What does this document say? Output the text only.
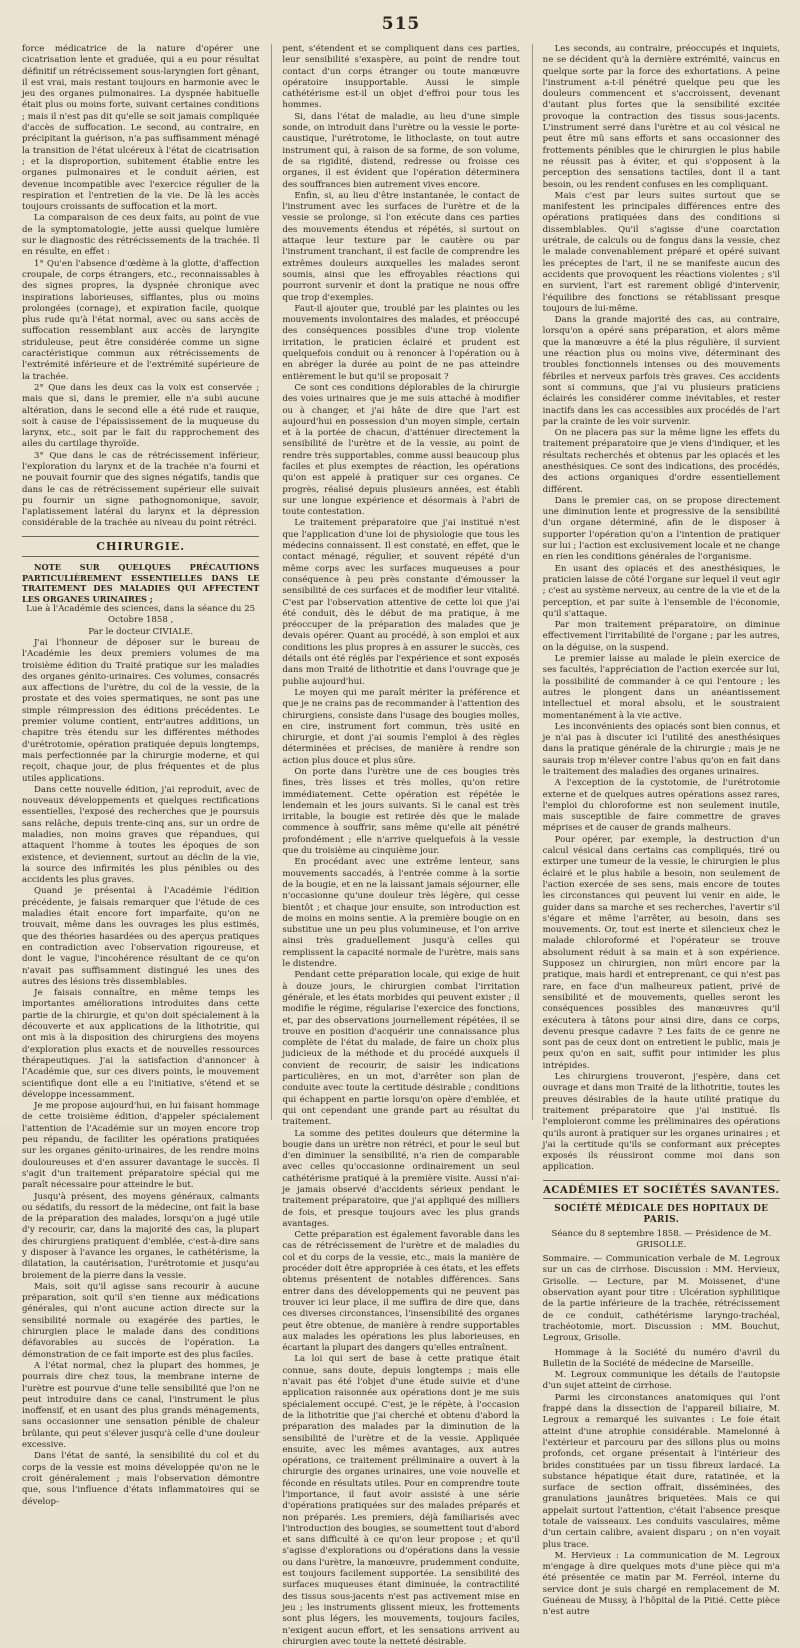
515

force médicatrice de la nature d'opérer une cicatrisation lente et graduée, qui a eu pour résultat définitif un rétrécissement sous-laryngien fort gênant, il est vrai, mais restant toujours en harmonie avec le jeu des organes pulmonaires. La dyspnée habituelle était plus ou moins forte, suivant certaines conditions ; mais il n'est pas dit qu'elle se soit jamais compliquée d'accès de suffocation. Le second, au contraire, en précipitant la guérison, n'a pas suffisamment ménagé la transition de l'état ulcéreux à l'état de cicatrisation ; et la disproportion, subitement établie entre les organes pulmonaires et le conduit aérien, est devenue incompatible avec l'exercice régulier de la respiration et l'entretien de la vie. De là les accès toujours croissants de suffocation et la mort.

La comparaison de ces deux faits, au point de vue de la symptomatologie, jette aussi quelque lumière sur le diagnostic des rétrécissements de la trachée. Il en résulte, en effet :

1° Qu'en l'absence d'œdème à la glotte, d'affection croupale, de corps étrangers, etc., reconnaissables à des signes propres, la dyspnée chronique avec inspirations laborieuses, sifflantes, plus ou moins prolongées (cornage), et expiration facile, quoique plus rude qu'à l'état normal, avec ou sans accès de suffocation ressemblant aux accès de laryngite striduleuse, peut être considérée comme un signe caractéristique commun aux rétrécissements de l'extrémité inférieure et de l'extrémité supérieure de la trachée.

2° Que dans les deux cas la voix est conservée ; mais que si, dans le premier, elle n'a subi aucune altération, dans le second elle a été rude et rauque, soit à cause de l'épaississement de la muqueuse du larynx, etc., soit par le fait du rapprochement des ailes du cartilage thyroïde.

3° Que dans le cas de rétrécissement inférieur, l'exploration du larynx et de la trachée n'a fourni et ne pouvait fournir que des signes négatifs, tandis que dans le cas de rétrécissement supérieur elle suivait pu fournir un signe pathognomonique, savoir, l'aplatissement latéral du larynx et la dépression considérable de la trachée au niveau du point rétréci.

CHIRURGIE.

NOTE SUR QUELQUES PRÉCAUTIONS PARTICULIÈREMENT ESSENTIELLES DANS LE TRAITEMENT DES MALADIES QUI AFFECTENT LES ORGANES URINAIRES ;

Lue à l'Académie des sciences, dans la séance du 25 Octobre 1858 ,

Par le docteur CIVIALE.

J'ai l'honneur de déposer sur le bureau de l'Académie les deux premiers volumes de ma troisième édition du Traité pratique sur les maladies des organes génito-urinaires. Ces volumes, consacrés aux affections de l'urètre, du col de la vessie, de la prostate et des voies spermatiques, ne sont pas une simple réimpression des éditions précédentes. Le premier volume contient, entr'autres additions, un chapitre très étendu sur les différentes méthodes d'urétrotomie, opération pratiquée depuis longtemps, mais perfectionnée par la chirurgie moderne, et qui reçoit, chaque jour, de plus fréquentes et de plus utiles applications.

Dans cette nouvelle édition, j'ai reproduit, avec de nouveaux développements et quelques rectifications essentielles, l'exposé des recherches que je poursuis sans relâche, depuis trente-cinq ans, sur un ordre de maladies, non moins graves que répandues, qui attaquent l'homme à toutes les époques de son existence, et deviennent, surtout au déclin de la vie, la source des infirmités les plus pénibles ou des accidents les plus graves.

Quand je présentai à l'Académie l'édition précédente, je faisais remarquer que l'étude de ces maladies était encore fort imparfaite, qu'on ne trouvait, même dans les ouvrages les plus estimés, que des théories hasardées ou des aperçus pratiques en contradiction avec l'observation rigoureuse, et dont le vague, l'incohérence résultant de ce qu'on n'avait pas suffisamment distingué les unes des autres des lésions très dissemblables.

Je faisais connaître, en même temps les importantes améliorations introduites dans cette partie de la chirurgie, et qu'on doit spécialement à la découverte et aux applications de la lithotritie, qui ont mis à la disposition des chirurgiens des moyens d'exploration plus exacts et de nouvelles ressources thérapeutiques. J'ai la satisfaction d'annoncer à l'Académie que, sur ces divers points, le mouvement scientifique dont elle a eu l'initiative, s'étend et se développe incessamment.

Je me propose aujourd'hui, en lui faisant hommage de cette troisième édition, d'appeler spécialement l'attention de l'Académie sur un moyen encore trop peu répandu, de faciliter les opérations pratiquées sur les organes génito-urinaires, de les rendre moins douloureuses et d'en assurer davantage le succès. Il s'agit d'un traitement préparatoire spécial qui me paraît nécessaire pour atteindre le but.

Jusqu'à présent, des moyens généraux, calmants ou sédatifs, du ressort de la médecine, ont fait la base de la préparation des malades, lorsqu'on a jugé utile d'y recourir, car, dans la majorité des cas, la plupart des chirurgiens pratiquent d'emblée, c'est-à-dire sans y disposer à l'avance les organes, le cathétérisme, la dilatation, la cautérisation, l'urétrotomie et jusqu'au broiement de la pierre dans la vessie.

Mais, soit qu'il agisse sans recourir à aucune préparation, soit qu'il s'en tienne aux médications générales, qui n'ont aucune action directe sur la sensibilité normale ou exagérée des parties, le chirurgien place le malade dans des conditions défavorables au succès de l'opération. La démonstration de ce fait importe est des plus faciles.

A l'état normal, chez la plupart des hommes, je pourrais dire chez tous, la membrane interne de l'urètre est pourvue d'une telle sensibilité que l'on ne peut introduire dans ce canal, l'instrument le plus inoffensif, et en usant des plus grands ménagements, sans occasionner une sensation pénible de chaleur brûlante, qui peut s'élever jusqu'à celle d'une douleur excessive.

Dans l'état de santé, la sensibilité du col et du corps de la vessie est moins développée qu'on ne le croit généralement ; mais l'observation démontre que, sous l'influence d'états inflammatoires qui se dévelop-

pent, s'étendent et se compliquent dans ces parties, leur sensibilité s'exaspère, au point de rendre tout contact d'un corps étranger ou toute manœuvre opératoire insupportable. Aussi le simple cathétérisme est-il un objet d'effroi pour tous les hommes.

Si, dans l'état de maladie, au lieu d'une simple sonde, on introduit dans l'urètre ou la vessie le porte-caustique, l'urétrotome, le lithoclaste, on tout autre instrument qui, à raison de sa forme, de son volume, de sa rigidité, distend, redresse ou froisse ces organes, il est évident que l'opération déterminera des souffrances bien autrement vives encore.

Enfin, si, au lieu d'être instantanée, le contact de l'instrument avec les surfaces de l'urètre et de la vessie se prolonge, si l'on exécute dans ces parties des mouvements étendus et répétés, si surtout on attaque leur texture par le cautère ou par l'instrument tranchant, il est facile de comprendre les extrêmes douleurs auxquelles les malades seront soumis, ainsi que les effroyables réactions qui pourront survenir et dont la pratique ne nous offre que trop d'exemples.

Faut-il ajouter que, troublé par les plaintes ou les mouvements involontaires des malades, et préoccupé des conséquences possibles d'une trop violente irritation, le praticien éclairé et prudent est quelquefois conduit ou à renoncer à l'opération ou à en abréger la durée au point de ne pas atteindre entièrement le but qu'il se proposait ?

Ce sont ces conditions déplorables de la chirurgie des voies urinaires que je me suis attaché à modifier ou à changer, et j'ai hâte de dire que l'art est aujourd'hui en possession d'un moyen simple, certain et à la portée de chacun, d'atténuer directement la sensibilité de l'urètre et de la vessie, au point de rendre très supportables, comme aussi beaucoup plus faciles et plus exemptes de réaction, les opérations qu'on est appelé à pratiquer sur ces organes. Ce progrès, réalisé depuis plusieurs années, est établi sur une longue expérience et désormais à l'abri de toute contestation.

Le traitement préparatoire que j'ai institué n'est que l'application d'une loi de physiologie que tous les médecins connaissent. Il est constaté, en effet, que le contact ménagé, régulier, et souvent répété d'un même corps avec les surfaces muqueuses a pour conséquence à peu près constante d'émousser la sensibilité de ces surfaces et de modifier leur vitalité. C'est par l'observation attentive de cette loi que j'ai été conduit, dès le début de ma pratique, à me préoccuper de la préparation des malades que je devais opérer. Quant au procédé, à son emploi et aux conditions les plus propres à en assurer le succès, ces détails ont été réglés par l'expérience et sont exposés dans mon Traité de lithotritie et dans l'ouvrage que je publie aujourd'hui.

Le moyen qui me paraît mériter la préférence et que je ne crains pas de recommander à l'attention des chirurgiens, consiste dans l'usage des bougies molles, en cire, instrument fort commun, très usité en chirurgie, et dont j'ai soumis l'emploi à des règles déterminées et précises, de manière à rendre son action plus douce et plus sûre.

On porte dans l'urètre une de ces bougies très fines, très lisses et très molles, qu'on retire immédiatement. Cette opération est répétée le lendemain et les jours suivants. Si le canal est très irritable, la bougie est retirée dès que le malade commence à souffrir, sans même qu'elle ait pénétré profondément ; elle n'arrive quelquefois à la vessie que du troisième au cinquième jour.

En procédant avec une extrême lenteur, sans mouvements saccadés, à l'entrée comme à la sortie de la bougie, et en ne la laissant jamais séjourner, elle n'occasionne qu'une douleur très légère, qui cesse bientôt ; et chaque jour ensuite, son introduction est de moins en moins sentie. A la première bougie on en substitue une un peu plus volumineuse, et l'on arrive ainsi très graduellement jusqu'à celles qui remplissent la capacité normale de l'urètre, mais sans le distendre.

Pendant cette préparation locale, qui exige de huit à douze jours, le chirurgien combat l'irritation générale, et les états morbides qui peuvent exister ; il modifie le régime, régularise l'exercice des fonctions, et, par des observations journellement répétées, il se trouve en position d'acquérir une connaissance plus complète de l'état du malade, de faire un choix plus judicieux de la méthode et du procédé auxquels il convient de recourir, de saisir les indications particulières, en un mot, d'arrêter son plan de conduite avec toute la certitude désirable ; conditions qui échappent en partie lorsqu'on opère d'emblée, et qui ont cependant une grande part au résultat du traitement.

La somme des petites douleurs que détermine la bougie dans un urètre non rétréci, et pour le seul but d'en diminuer la sensibilité, n'a rien de comparable avec celles qu'occasionne ordinairement un seul cathétérisme pratiqué à la première visite. Aussi n'ai-je jamais observé d'accidents sérieux pendant le traitement préparatoire, que j'ai appliqué des milliers de fois, et presque toujours avec les plus grands avantages.

Cette préparation est également favorable dans les cas de rétrécissement de l'urètre et de maladies du col et du corps de la vessie, etc., mais la manière de procéder doit être appropriée à ces états, et les effets obtenus présentent de notables différences. Sans entrer dans des développements qui ne peuvent pas trouver ici leur place, il me suffira de dire que, dans ces diverses circonstances, l'insensibilité des organes peut être obtenue, de manière à rendre supportables aux malades les opérations les plus laborieuses, en écartant la plupart des dangers qu'elles entraînent.

La loi qui sert de base à cette pratique était connue, sans doute, depuis longtemps ; mais elle n'avait pas été l'objet d'une étude suivie et d'une application raisonnée aux opérations dont je me suis spécialement occupé. C'est, je le répète, à l'occasion de la lithotritie que j'ai cherché et obtenu d'abord la préparation des malades par la diminution de la sensibilité de l'urètre et de la vessie. Appliquée ensuite, avec les mêmes avantages, aux autres opérations, ce traitement préliminaire a ouvert à la chirurgie des organes urinaires, une voie nouvelle et féconde en résultats utiles. Pour en comprendre toute l'importance, il faut avoir assisté à une série d'opérations pratiquées sur des malades préparés et non préparés. Les premiers, déjà familiarisés avec l'introduction des bougies, se soumettent tout d'abord et sans difficulté à ce qu'on leur propose ; et qu'il s'agisse d'explorations ou d'opérations dans la vessie ou dans l'urètre, la manœuvre, prudemment conduite, est toujours facilement supportée. La sensibilité des surfaces muqueuses étant diminuée, la contractilité des tissus sous-jacents n'est pas activement mise en jeu ; les instruments glissent mieux, les frottements sont plus légers, les mouvements, toujours faciles, n'exigent aucun effort, et les sensations arrivent au chirurgien avec toute la netteté désirable.

Les seconds, au contraire, préoccupés et inquiets, ne se décident qu'à la dernière extrémité, vaincus en quelque sorte par la force des exhortations. A peine l'instrument a-t-il pénétré quelque peu que les douleurs commencent et s'accroissent, devenant d'autant plus fortes que la sensibilité excitée provoque la contraction des tissus sous-jacents. L'instrument serré dans l'urètre et au col vésical ne peut être mû sans efforts et sans occasionner des frottements pénibles que le chirurgien le plus habile ne réussit pas à éviter, et qui s'opposent à la perception des sensations tactiles, dont il a tant besoin, ou les rendent confuses en les compliquant.

Mais c'est par leurs suites surtout que se manifestent les principales différences entre des opérations pratiquées dans des conditions si dissemblables. Qu'il s'agisse d'une coarctation urétrale, de calculs ou de fongus dans la vessie, chez le malade convenablement préparé et opéré suivant les préceptes de l'art, il ne se manifeste aucun des accidents que provoquent les réactions violentes ; s'il en survient, l'art est rarement obligé d'intervenir, l'équilibre des fonctions se rétablissant presque toujours de lui-même.

Dans la grande majorité des cas, au contraire, lorsqu'on a opéré sans préparation, et alors même que la manœuvre a été la plus régulière, il survient une réaction plus ou moins vive, déterminant des troubles fonctionnels intenses ou des mouvements fébriles et nerveux parfois très graves. Ces accidents sont si communs, que j'ai vu plusieurs praticiens éclairés les considérer comme inévitables, et rester inactifs dans les cas accessibles aux procédés de l'art par la crainte de les voir survenir.

On ne placera pas sur la même ligne les effets du traitement préparatoire que je viens d'indiquer, et les résultats recherchés et obtenus par les opiacés et les anesthésiques. Ce sont des indications, des procédés, des actions organiques d'ordre essentiellement différent.

Dans le premier cas, on se propose directement une diminution lente et progressive de la sensibilité d'un organe déterminé, afin de le disposer à supporter l'opération qu'on a l'intention de pratiquer sur lui ; l'action est exclusivement locale et ne change en rien les conditions générales de l'organisme.

En usant des opiacés et des anesthésiques, le praticien laisse de côté l'organe sur lequel il veut agir ; c'est au système nerveux, au centre de la vie et de la perception, et par suite à l'ensemble de l'économie, qu'il s'attaque.

Par mon traitement préparatoire, on diminue effectivement l'irritabilité de l'organe ; par les autres, on la déguise, on la suspend.

Le premier laisse au malade le plein exercice de ses facultés, l'appréciation de l'action exercée sur lui, la possibilité de commander à ce qui l'entoure ; les autres le plongent dans un anéantissement intellectuel et moral absolu, et le soustraient momentanément à la vie active.

Les inconvénients des opiacés sont bien connus, et je n'ai pas à discuter ici l'utilité des anesthésiques dans la pratique générale de la chirurgie ; mais je ne saurais trop m'élever contre l'abus qu'on en fait dans le traitement des maladies des organes urinaires.

A l'exception de la cystotomie, de l'urétrotomie externe et de quelques autres opérations assez rares, l'emploi du chloroforme est non seulement inutile, mais susceptible de faire commettre de graves méprises et de causer de grands malheurs.

Pour opérer, par exemple, la destruction d'un calcul vésical dans certains cas compliqués, tiré ou extirper une tumeur de la vessie, le chirurgien le plus éclairé et le plus habile a besoin, non seulement de l'action exercée de ses sens, mais encore de toutes les circonstances qui peuvent lui venir en aide, le guider dans sa marche et ses recherches, l'avertir s'il s'égare et même l'arrêter, au besoin, dans ses mouvements. Or, tout est inerte et silencieux chez le malade chloroformé et l'opérateur se trouve absolument réduit à sa main et à son expérience. Supposez un chirurgien, non mûri encore par la pratique, mais hardi et entreprenant, ce qui n'est pas rare, en face d'un malheureux patient, privé de sensibilité et de mouvements, quelles seront les conséquences possibles des manœuvres qu'il exécutera à tâtons pour ainsi dire, dans ce corps, devenu presque cadavre ? Les faits de ce genre ne sont pas de ceux dont on entretient le public, mais je peux qu'on en sait, suffit pour intimider les plus intrépides.

Les chirurgiens trouveront, j'espère, dans cet ouvrage et dans mon Traité de la lithotritie, toutes les preuves désirables de la haute utilité pratique du traitement préparatoire que j'ai institué. Ils l'emploieront comme les préliminaires des opérations qu'ils auront à pratiquer sur les organes urinaires ; et j'ai la certitude qu'ils se conformant aux préceptes exposés ils réussiront comme moi dans son application.

ACADÉMIES ET SOCIÉTÉS SAVANTES.
SOCIÉTÉ MÉDICALE DES HOPITAUX DE PARIS.
Séance du 8 septembre 1858. — Présidence de M. GRISOLLE.

Sommaire. — Communication verbale de M. Legroux sur un cas de cirrhose. Discussion : MM. Hervieux, Grisolle. — Lecture, par M. Moissenet, d'une observation ayant pour titre : Ulcération syphilitique de la partie inférieure de la trachée, rétrécissement de ce conduit, cathétérisme laryngo-trachéal, trachéotomie, mort. Discussion : MM. Bouchut, Legroux, Grisolle.

Hommage à la Société du numéro d'avril du Bulletin de la Société de médecine de Marseille.

M. Legroux communique les détails de l'autopsie d'un sujet atteint de cirrhose.

Parmi les circonstances anatomiques qui l'ont frappé dans la dissection de l'appareil biliaire, M. Legroux a remarqué les suivantes : Le foie était atteint d'une atrophie considérable. Mamelonné à l'extérieur et parcouru par des sillons plus ou moins profonds, cet organe présentait à l'intérieur des brides constituées par un tissu fibreux lardacé. La substance hépatique était dure, ratatinée, et la surface de section offrait, disséminées, des granulations jaunâtres briquetées. Mais ce qui appelait surtout l'attention, c'était l'absence presque totale de vaisseaux. Les conduits vasculaires, même d'un certain calibre, avaient disparu ; on n'en voyait plus trace.

M. Hervieux : La communication de M. Legroux m'engage à dire quelques mots d'une pièce qui m'a été présentée ce matin par M. Ferréol, interne du service dont je suis chargé en remplacement de M. Guéneau de Mussy, à l'hôpital de la Pitié. Cette pièce n'est autre
